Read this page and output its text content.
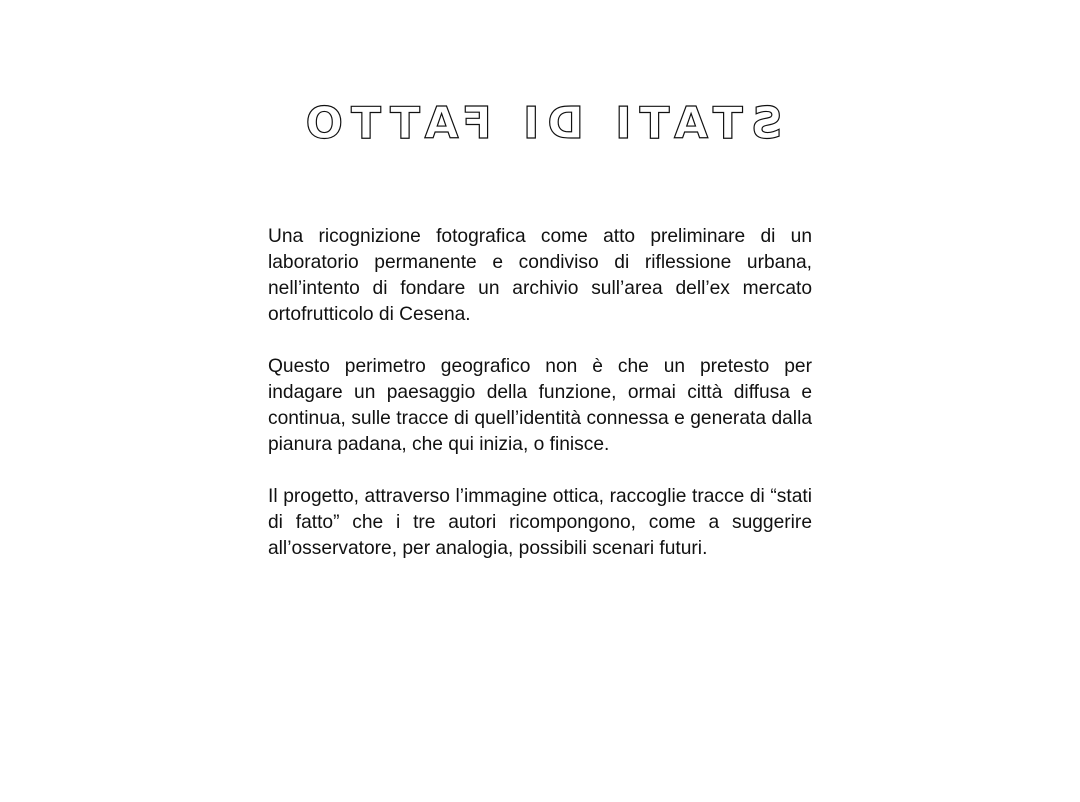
STATI DI FATTO

Una ricognizione fotografica come atto preliminare di un laboratorio permanente e condiviso di riflessione urbana, nell’intento di fondare un archivio sull’area dell’ex mercato ortofrutticolo di Cesena.

Questo perimetro geografico non è che un pretesto per indagare un paesaggio della funzione, ormai città diffusa e continua, sulle tracce di quell’identità connessa e generata dalla pianura padana, che qui inizia, o finisce.

Il progetto, attraverso l’immagine ottica, raccoglie tracce di “stati di fatto” che i tre autori ricompongono, come a suggerire all’osservatore, per analogia, possibili scenari futuri.
